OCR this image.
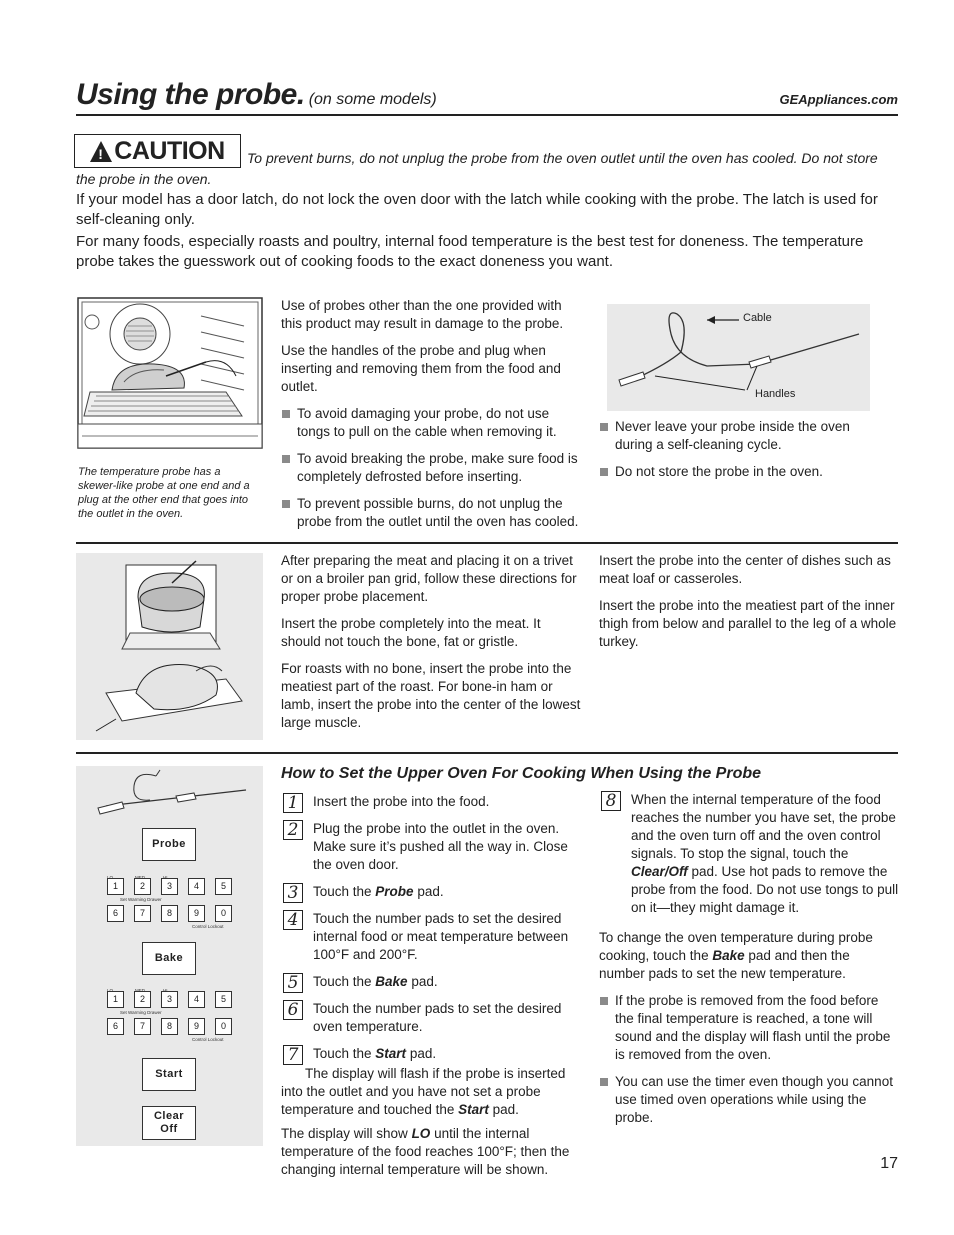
Using the probe. (on some models)	GEAppliances.com
!
CAUTION	To prevent burns, do not unplug the probe from the oven outlet until the oven has cooled. Do not store the probe in the oven.
If your model has a door latch, do not lock the oven door with the latch while cooking with the probe. The latch is used for self-cleaning only.
For many foods, especially roasts and poultry, internal food temperature is the best test for doneness. The temperature probe takes the guesswork out of cooking foods to the exact doneness you want.
The temperature probe has a skewer-like probe at one end and a plug at the other end that goes into the outlet in the oven.

Use of probes other than the one provided with this product may result in damage to the probe.

Use the handles of the probe and plug when inserting and removing them from the food and outlet.

To avoid damaging your probe, do not use tongs to pull on the cable when removing it.

To avoid breaking the probe, make sure food is completely defrosted before inserting.

To prevent possible burns, do not unplug the probe from the outlet until the oven has cooled.

Cable
Handles

Never leave your probe inside the oven during a self-cleaning cycle.

Do not store the probe in the oven.

After preparing the meat and placing it on a trivet or on a broiler pan grid, follow these directions for proper probe placement.

Insert the probe completely into the meat. It should not touch the bone, fat or gristle.

For roasts with no bone, insert the probe into the meatiest part of the roast. For bone-in ham or lamb, insert the probe into the center of the lowest large muscle.

Insert the probe into the center of dishes such as meat loaf or casseroles.

Insert the probe into the meatiest part of the inner thigh from below and parallel to the leg of a whole turkey.

Probe
1	2	3	4	5
Set Warming Drawer
6	7	8	9	0
Control Lockout
Bake
1	2	3	4	5
Set Warming Drawer
6	7	8	9	0
Control Lockout
Start
Clear
Off
How to Set the Upper Oven For Cooking When Using the Probe
1	Insert the probe into the food.
2	Plug the probe into the outlet in the oven. Make sure it’s pushed all the way in. Close the oven door.
3	Touch the Probe pad.
4	Touch the number pads to set the desired internal food or meat temperature between 100°F and 200°F.
5	Touch the Bake pad.
6	Touch the number pads to set the desired oven temperature.
7	Touch the Start pad.

The display will flash if the probe is inserted into the outlet and you have not set a probe temperature and touched the Start pad.

The display will show LO until the internal temperature of the food reaches 100°F; then the changing internal temperature will be shown.

8	When the internal temperature of the food reaches the number you have set, the probe and the oven turn off and the oven control signals. To stop the signal, touch the Clear/Off pad. Use hot pads to remove the probe from the food. Do not use tongs to pull on it—they might damage it.

To change the oven temperature during probe cooking, touch the Bake pad and then the number pads to set the new temperature.

If the probe is removed from the food before the final temperature is reached, a tone will sound and the display will flash until the probe is removed from the oven.

You can use the timer even though you cannot use timed oven operations while using the probe.

17
